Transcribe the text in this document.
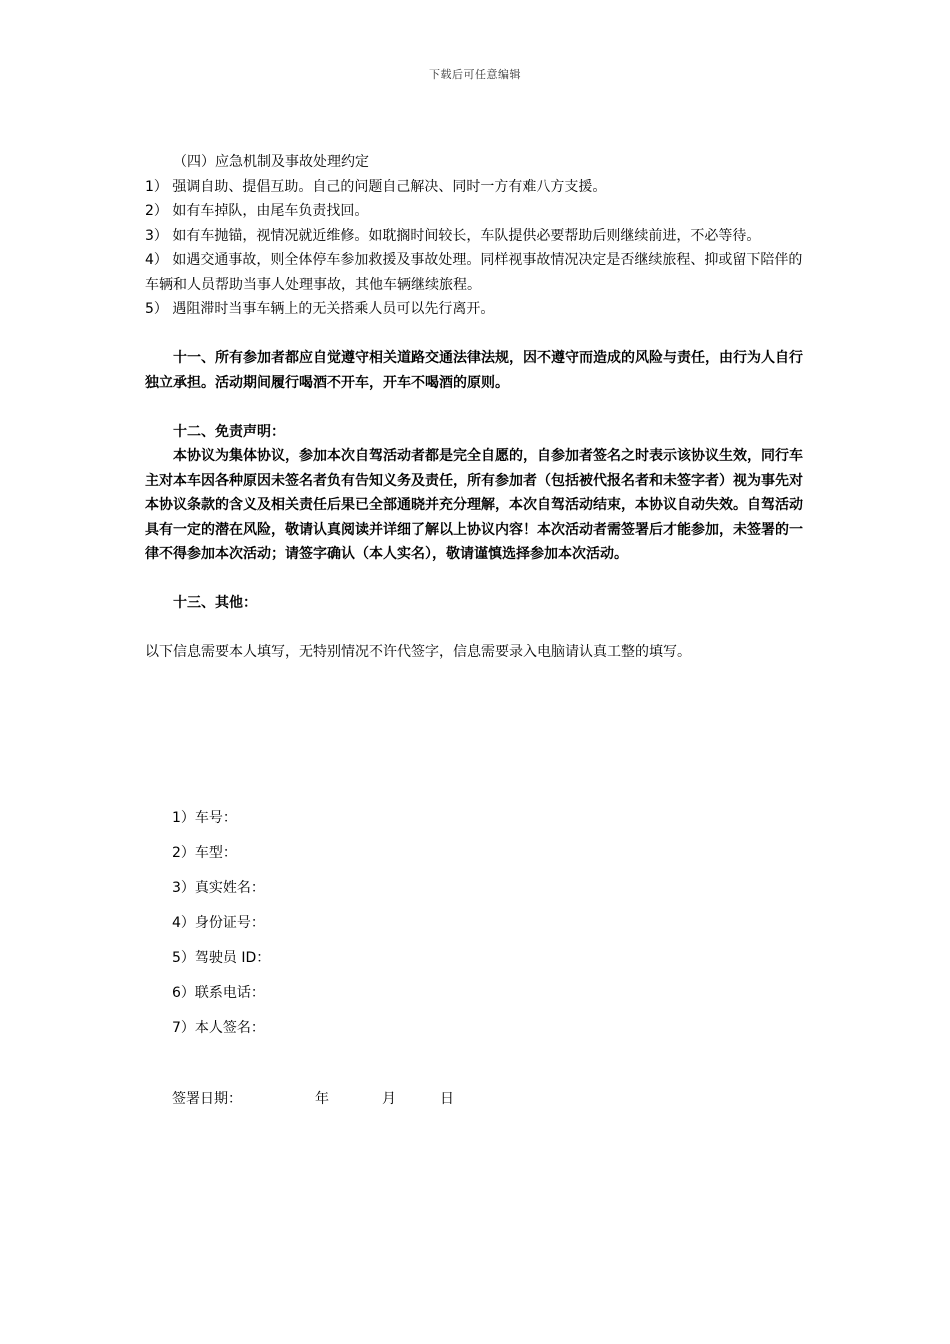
下载后可任意编辑
（四）应急机制及事故处理约定
1） 强调自助、提倡互助。自己的问题自己解决、同时一方有难八方支援。
2） 如有车掉队，由尾车负责找回。
3） 如有车抛锚，视情况就近维修。如耽搁时间较长，车队提供必要帮助后则继续前进，不必等待。
4） 如遇交通事故，则全体停车参加救援及事故处理。同样视事故情况决定是否继续旅程、抑或留下陪伴的车辆和人员帮助当事人处理事故，其他车辆继续旅程。
5） 遇阻滞时当事车辆上的无关搭乘人员可以先行离开。
十一、所有参加者都应自觉遵守相关道路交通法律法规，因不遵守而造成的风险与责任，由行为人自行独立承担。活动期间履行喝酒不开车，开车不喝酒的原则。
十二、免责声明：
本协议为集体协议，参加本次自驾活动者都是完全自愿的，自参加者签名之时表示该协议生效，同行车主对本车因各种原因未签名者负有告知义务及责任，所有参加者（包括被代报名者和未签字者）视为事先对本协议条款的含义及相关责任后果已全部通晓并充分理解，本次自驾活动结束，本协议自动失效。自驾活动具有一定的潜在风险，敬请认真阅读并详细了解以上协议内容！本次活动者需签署后才能参加，未签署的一律不得参加本次活动；请签字确认（本人实名），敬请谨慎选择参加本次活动。
十三、其他：
以下信息需要本人填写，无特别情况不许代签字，信息需要录入电脑请认真工整的填写。
1）车号：
2）车型：
3）真实姓名：
4）身份证号：
5）驾驶员 ID：
6）联系电话：
7）本人签名：
签署日期：	年	月	日
